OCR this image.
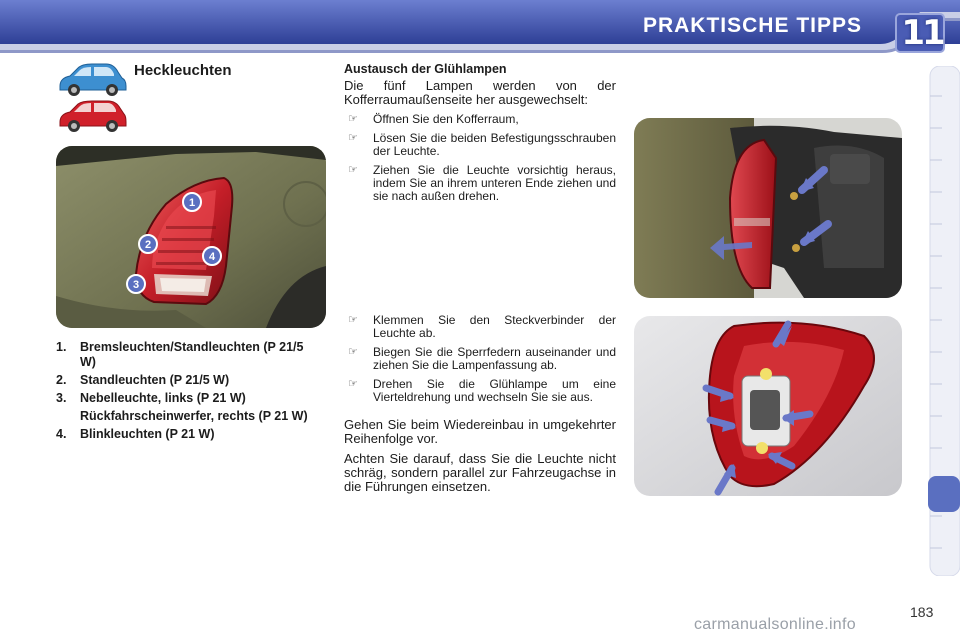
PRAKTISCHE TIPPS 11
Heckleuchten
1
2
3
4
1.	Bremsleuchten/Standleuchten (P 21/5 W)
2.	Standleuchten (P 21/5 W)
3.	Nebelleuchte, links (P 21 W)
Rückfahrscheinwerfer, rechts (P 21 W)
4.	Blinkleuchten (P 21 W)
Austausch der Glühlampen

Die fünf Lampen werden von der Kofferraumaußenseite her ausgewechselt:

☞	Öffnen Sie den Kofferraum,
☞	Lösen Sie die beiden Befestigungsschrauben der Leuchte.
☞	Ziehen Sie die Leuchte vorsichtig heraus, indem Sie an ihrem unteren Ende ziehen und sie nach außen drehen.
☞	Klemmen Sie den Steckverbinder der Leuchte ab.
☞	Biegen Sie die Sperrfedern auseinander und ziehen Sie die Lampenfassung ab.
☞	Drehen Sie die Glühlampe um eine Vierteldrehung und wechseln Sie sie aus.

Gehen Sie beim Wiedereinbau in umgekehrter Reihenfolge vor.

Achten Sie darauf, dass Sie die Leuchte nicht schräg, sondern parallel zur Fahrzeugachse in die Führungen einsetzen.

183
carmanualsonline.info
